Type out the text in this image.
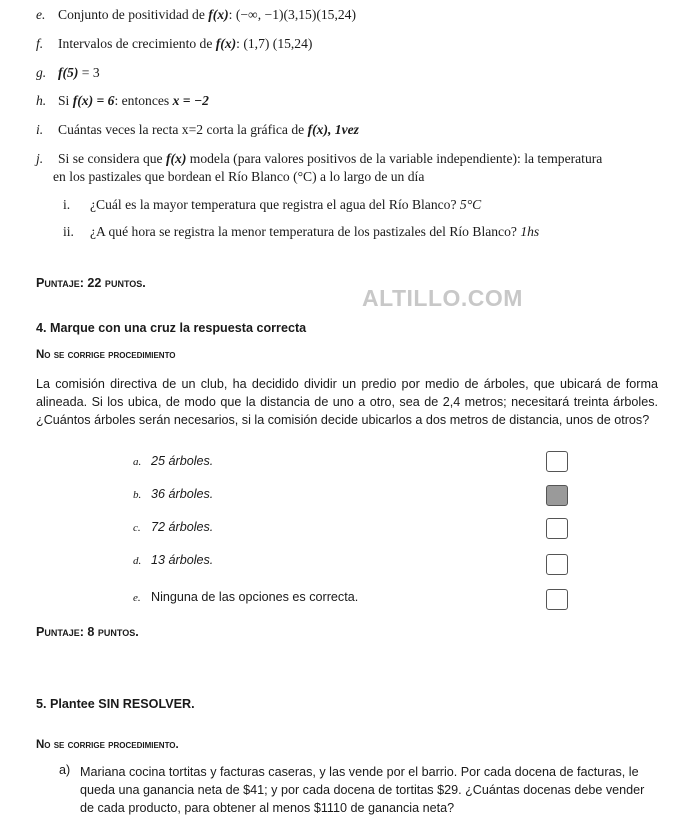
e. Conjunto de positividad de f(x): (−∞, −1)(3,15)(15,24)
f. Intervalos de crecimiento de f(x): (1,7) (15,24)
g. f(5) = 3
h. Si f(x) = 6: entonces x = −2
i. Cuántas veces la recta x=2 corta la gráfica de f(x), 1vez
j. Si se considera que f(x) modela (para valores positivos de la variable independiente): la temperatura
en los pastizales que bordean el Río Blanco (°C) a lo largo de un día
i. ¿Cuál es la mayor temperatura que registra el agua del Río Blanco? 5°C
ii. ¿A qué hora se registra la menor temperatura de los pastizales del Río Blanco? 1hs
Puntaje: 22 puntos.
ALTILLO.COM
4. Marque con una cruz la respuesta correcta
No se corrige procedimiento
La comisión directiva de un club, ha decidido dividir un predio por medio de árboles, que ubicará de forma alineada. Si los ubica, de modo que la distancia de uno a otro, sea de 2,4 metros; necesitará treinta árboles. ¿Cuántos árboles serán necesarios, si la comisión decide ubicarlos a dos metros de distancia, unos de otros?
a. 25 árboles.
b. 36 árboles.
c. 72 árboles.
d. 13 árboles.
e. Ninguna de las opciones es correcta.
Puntaje: 8 puntos.
5. Plantee SIN RESOLVER.
No se corrige procedimiento.
a) Mariana cocina tortitas y facturas caseras, y las vende por el barrio. Por cada docena de facturas, le queda una ganancia neta de $41; y por cada docena de tortitas $29. ¿Cuántas docenas debe vender de cada producto, para obtener al menos $1110 de ganancia neta?
